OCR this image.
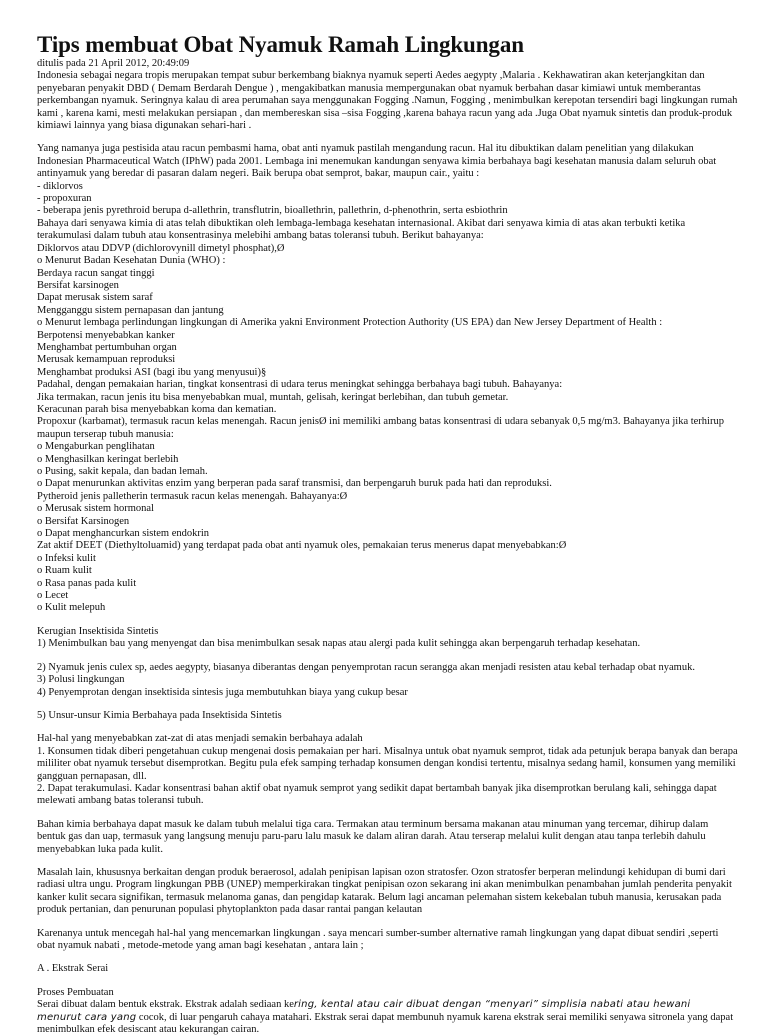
Tips membuat Obat Nyamuk Ramah Lingkungan

ditulis pada 21 April 2012, 20:49:09

Indonesia sebagai negara tropis merupakan tempat subur berkembang biaknya nyamuk seperti Aedes aegypty ,Malaria . Kekhawatiran akan keterjangkitan dan penyebaran penyakit DBD ( Demam Berdarah Dengue ) , mengakibatkan manusia mempergunakan obat nyamuk berbahan dasar kimiawi untuk memberantas perkembangan nyamuk. Seringnya kalau di area perumahan saya menggunakan Fogging .Namun, Fogging , menimbulkan kerepotan tersendiri bagi lingkungan rumah kami , karena kami, mesti melakukan persiapan , dan membereskan sisa –sisa Fogging ,karena bahaya racun yang ada .Juga Obat nyamuk sintetis dan produk-produk kimiawi lainnya yang biasa digunakan sehari-hari .

Yang namanya juga pestisida atau racun pembasmi hama, obat anti nyamuk pastilah mengandung racun. Hal itu dibuktikan dalam penelitian yang dilakukan Indonesian Pharmaceutical Watch (IPhW) pada 2001. Lembaga ini menemukan kandungan senyawa kimia berbahaya bagi kesehatan manusia dalam seluruh obat antinyamuk yang beredar di pasaran dalam negeri. Baik berupa obat semprot, bakar, maupun cair., yaitu :
- diklorvos
- propoxuran
- beberapa jenis pyrethroid berupa d-allethrin, transflutrin, bioallethrin, pallethrin, d-phenothrin, serta esbiothrin
Bahaya dari senyawa kimia di atas telah dibuktikan oleh lembaga-lembaga kesehatan internasional. Akibat dari senyawa kimia di atas akan terbukti ketika terakumulasi dalam tubuh atau konsentrasinya melebihi ambang batas toleransi tubuh. Berikut bahayanya:
Diklorvos atau DDVP (dichlorovynill dimetyl phosphat),Ø
o Menurut Badan Kesehatan Dunia (WHO) :
Berdaya racun sangat tinggi
Bersifat karsinogen
Dapat merusak sistem saraf
Mengganggu sistem pernapasan dan jantung
o Menurut lembaga perlindungan lingkungan di Amerika yakni Environment Protection Authority (US EPA) dan New Jersey Department of Health :
Berpotensi menyebabkan kanker
Menghambat pertumbuhan organ
Merusak kemampuan reproduksi
Menghambat produksi ASI (bagi ibu yang menyusui)§
Padahal, dengan pemakaian harian, tingkat konsentrasi di udara terus meningkat sehingga berbahaya bagi tubuh. Bahayanya:
Jika termakan, racun jenis itu bisa menyebabkan mual, muntah, gelisah, keringat berlebihan, dan tubuh gemetar.
Keracunan parah bisa menyebabkan koma dan kematian.
Propoxur (karbamat), termasuk racun kelas menengah. Racun jenisØ ini memiliki ambang batas konsentrasi di udara sebanyak 0,5 mg/m3. Bahayanya jika terhirup maupun terserap tubuh manusia:
o Mengaburkan penglihatan
o Menghasilkan keringat berlebih
o Pusing, sakit kepala, dan badan lemah.
o Dapat menurunkan aktivitas enzim yang berperan pada saraf transmisi, dan berpengaruh buruk pada hati dan reproduksi.
Pytheroid jenis palletherin termasuk racun kelas menengah. Bahayanya:Ø
o Merusak sistem hormonal
o Bersifat Karsinogen
o Dapat menghancurkan sistem endokrin
Zat aktif DEET (Diethyltoluamid) yang terdapat pada obat anti nyamuk oles, pemakaian terus menerus dapat menyebabkan:Ø
o Infeksi kulit
o Ruam kulit
o Rasa panas pada kulit
o Lecet
o Kulit melepuh

Kerugian Insektisida Sintetis
1) Menimbulkan bau yang menyengat dan bisa menimbulkan sesak napas atau alergi pada kulit sehingga akan berpengaruh terhadap kesehatan.

2) Nyamuk jenis culex sp, aedes aegypty, biasanya diberantas dengan penyemprotan racun serangga akan menjadi resisten atau kebal terhadap obat nyamuk.
3) Polusi lingkungan
4) Penyemprotan dengan insektisida sintesis juga membutuhkan biaya yang cukup besar

5) Unsur-unsur Kimia Berbahaya pada Insektisida Sintetis

Hal-hal yang menyebabkan zat-zat di atas menjadi semakin berbahaya adalah
1. Konsumen tidak diberi pengetahuan cukup mengenai dosis pemakaian per hari. Misalnya untuk obat nyamuk semprot, tidak ada petunjuk berapa banyak dan berapa mililiter obat nyamuk tersebut disemprotkan. Begitu pula efek samping terhadap konsumen dengan kondisi tertentu, misalnya sedang hamil, konsumen yang memiliki gangguan pernapasan, dll.
2. Dapat terakumulasi. Kadar konsentrasi bahan aktif obat nyamuk semprot yang sedikit dapat bertambah banyak jika disemprotkan berulang kali, sehingga dapat melewati ambang batas toleransi tubuh.

Bahan kimia berbahaya dapat masuk ke dalam tubuh melalui tiga cara. Termakan atau terminum bersama makanan atau minuman yang tercemar, dihirup dalam bentuk gas dan uap, termasuk yang langsung menuju paru-paru lalu masuk ke dalam aliran darah. Atau terserap melalui kulit dengan atau tanpa terlebih dahulu menyebabkan luka pada kulit.

Masalah lain, khususnya berkaitan dengan produk beraerosol, adalah penipisan lapisan ozon stratosfer. Ozon stratosfer berperan melindungi kehidupan di bumi dari radiasi ultra ungu. Program lingkungan PBB (UNEP) memperkirakan tingkat penipisan ozon sekarang ini akan menimbulkan penambahan jumlah penderita penyakit kanker kulit secara signifikan, termasuk melanoma ganas, dan pengidap katarak. Belum lagi ancaman pelemahan sistem kekebalan tubuh manusia, kerusakan pada produk pertanian, dan penurunan populasi phytoplankton pada dasar rantai pangan kelautan

Karenanya untuk mencegah hal-hal yang mencemarkan lingkungan . saya mencari sumber-sumber alternative ramah lingkungan yang dapat dibuat sendiri ,seperti obat nyamuk nabati , metode-metode yang aman bagi kesehatan , antara lain ;

A . Ekstrak Serai

Proses Pembuatan

Serai dibuat dalam bentuk ekstrak. Ekstrak adalah sediaan kering, kental atau cair dibuat dengan “menyari” simplisia nabati atau hewani menurut cara yang cocok, di luar pengaruh cahaya matahari. Ekstrak serai dapat membunuh nyamuk karena ekstrak serai memiliki senyawa sitronela yang dapat menimbulkan efek desiscant atau kekurangan cairan.
